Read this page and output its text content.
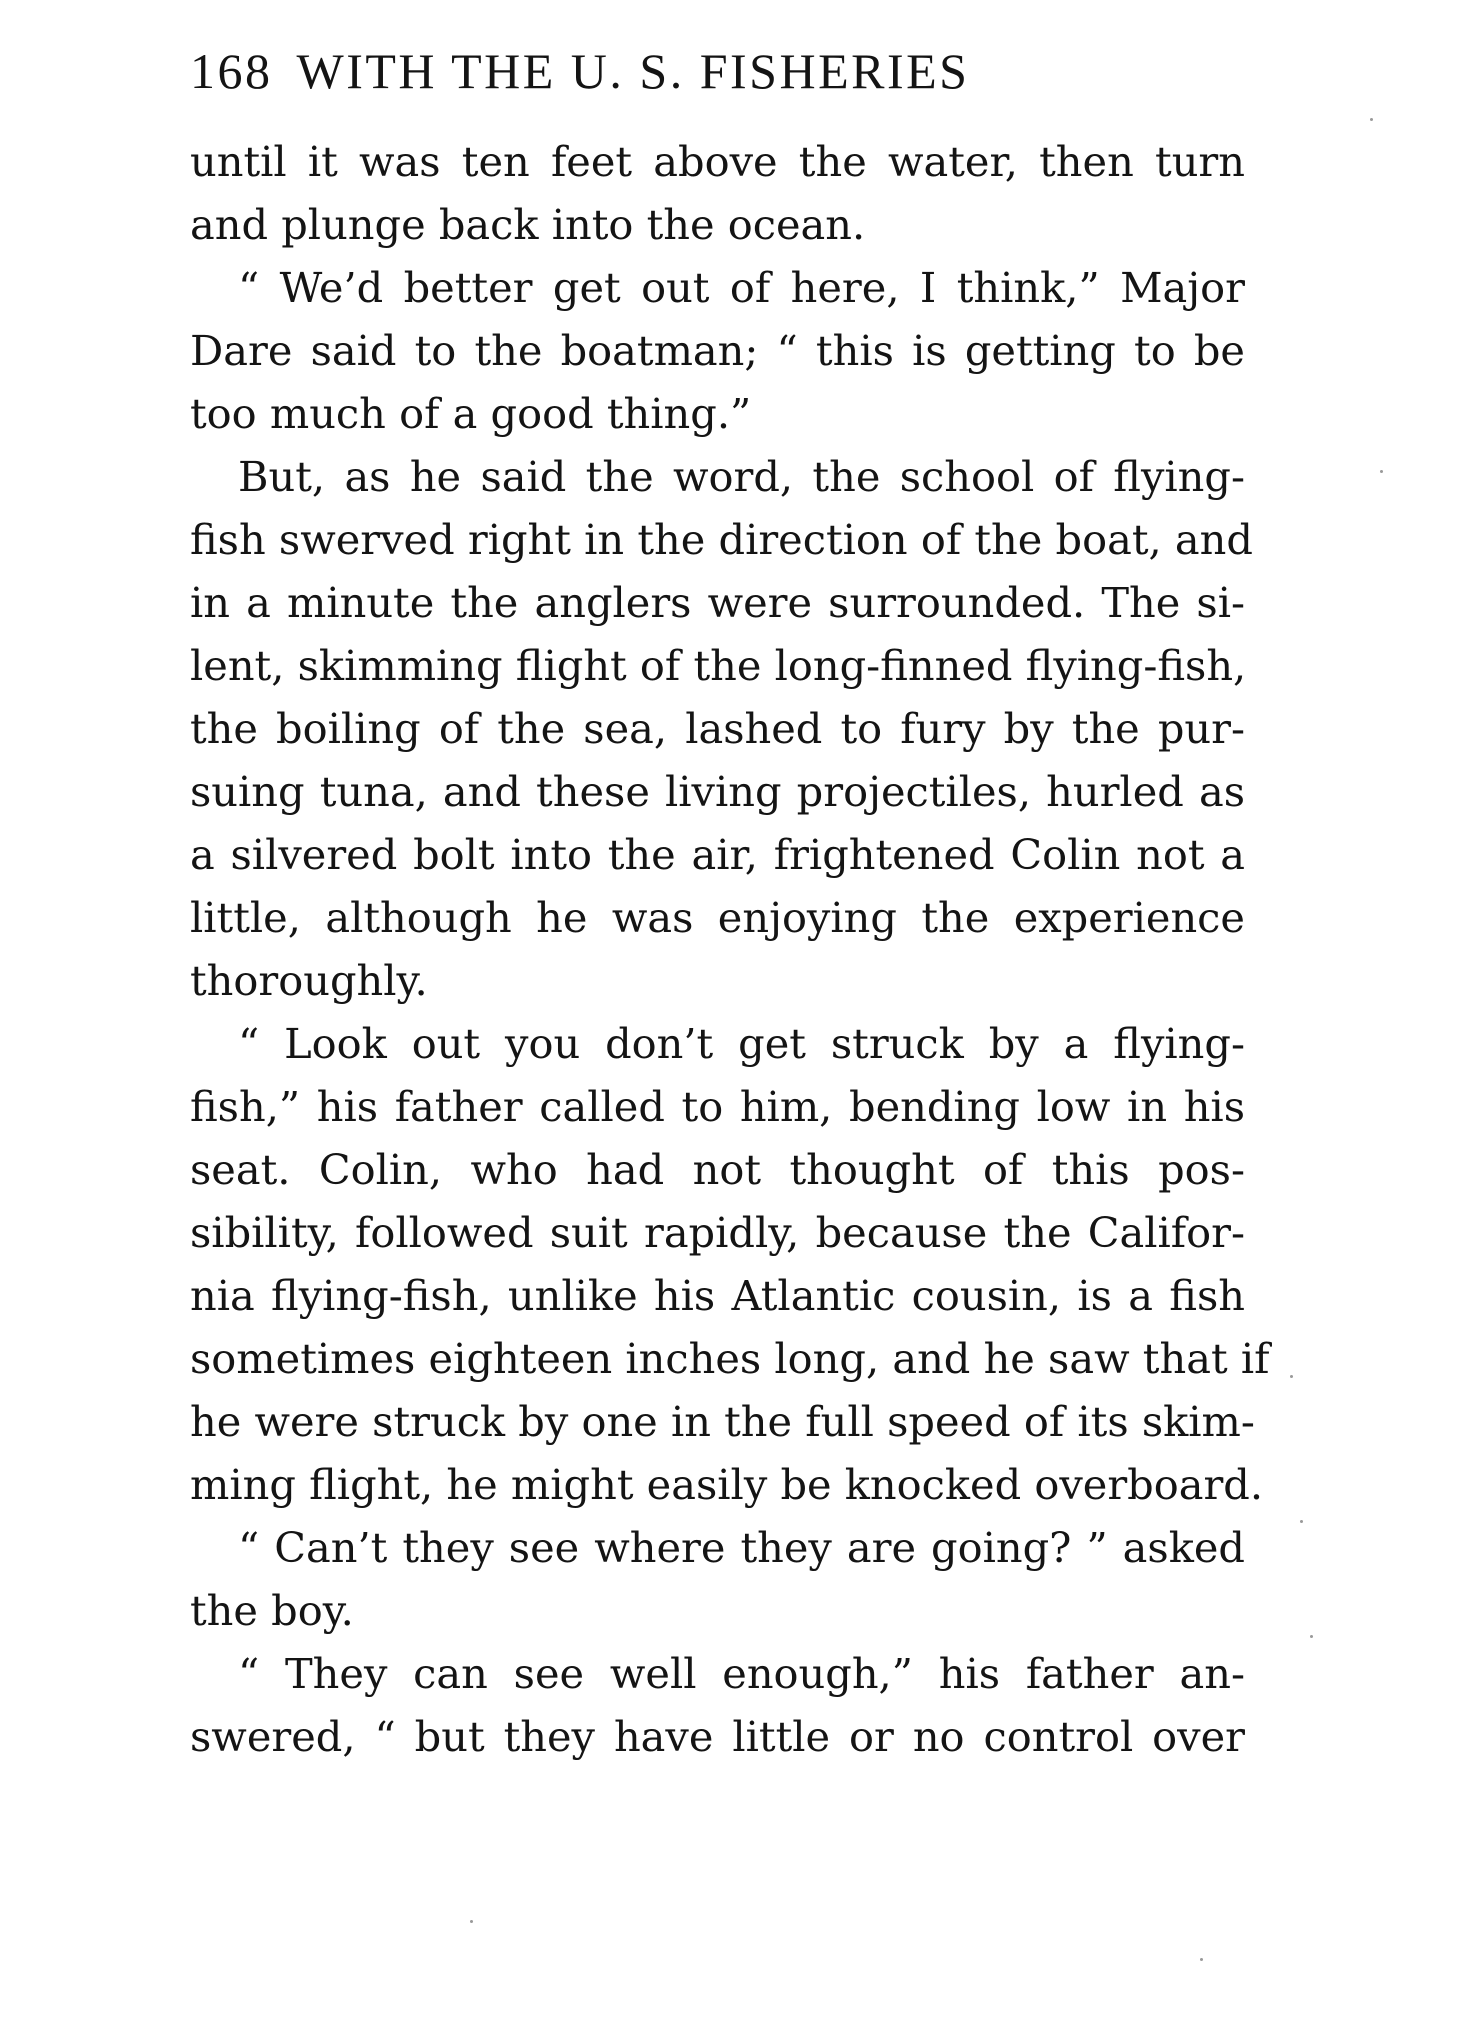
168 WITH THE U. S. FISHERIES
until it was ten feet above the water, then turn
and plunge back into the ocean.
“ We’d better get out of here, I think,” Major
Dare said to the boatman; “ this is getting to be
too much of a good thing.”
But, as he said the word, the school of flying-
fish swerved right in the direction of the boat, and
in a minute the anglers were surrounded. The si-
lent, skimming flight of the long-finned flying-fish,
the boiling of the sea, lashed to fury by the pur-
suing tuna, and these living projectiles, hurled as
a silvered bolt into the air, frightened Colin not a
little, although he was enjoying the experience
thoroughly.
“ Look out you don’t get struck by a flying-
fish,” his father called to him, bending low in his
seat. Colin, who had not thought of this pos-
sibility, followed suit rapidly, because the Califor-
nia flying-fish, unlike his Atlantic cousin, is a fish
sometimes eighteen inches long, and he saw that if
he were struck by one in the full speed of its skim-
ming flight, he might easily be knocked overboard.
“ Can’t they see where they are going? ” asked
the boy.
“ They can see well enough,” his father an-
swered, “ but they have little or no control over
